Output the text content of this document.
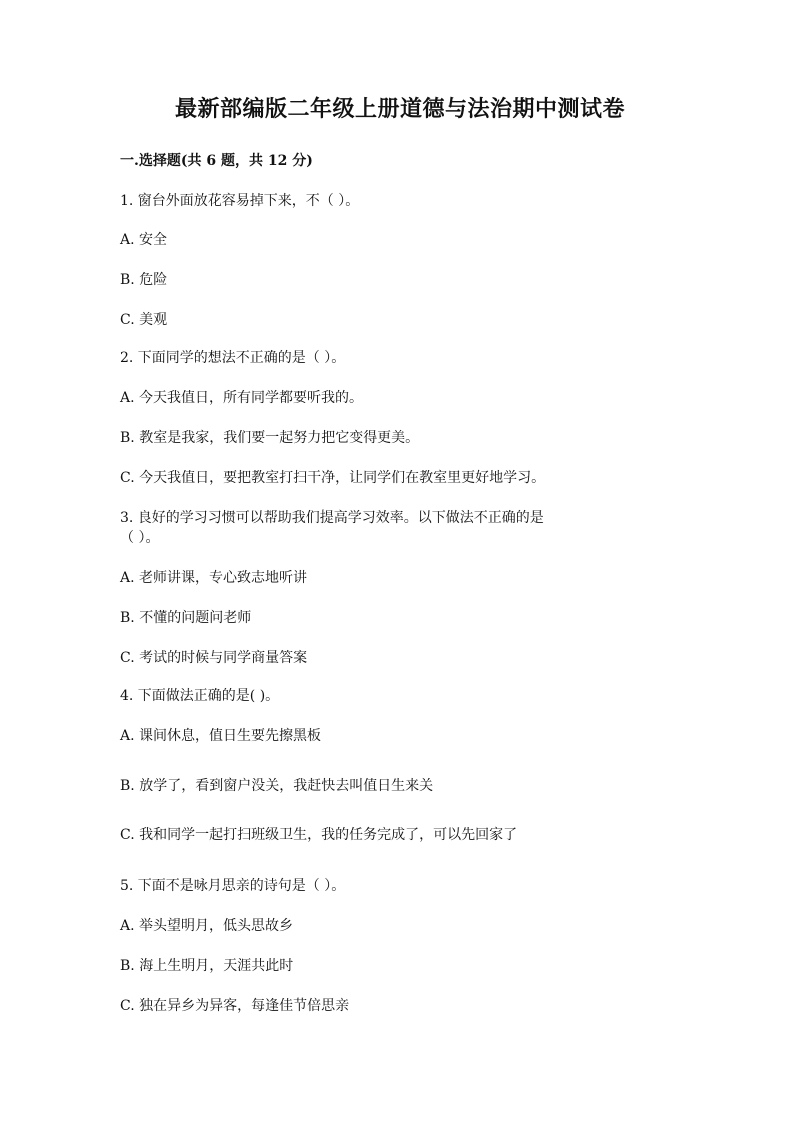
最新部编版二年级上册道德与法治期中测试卷
一.选择题(共 6 题，共 12 分)
1. 窗台外面放花容易掉下来，不（ ）。
A. 安全
B. 危险
C. 美观
2. 下面同学的想法不正确的是（ ）。
A. 今天我值日，所有同学都要听我的。
B. 教室是我家，我们要一起努力把它变得更美。
C. 今天我值日，要把教室打扫干净，让同学们在教室里更好地学习。
3. 良好的学习习惯可以帮助我们提高学习效率。以下做法不正确的是
（ ）。
A. 老师讲课，专心致志地听讲
B. 不懂的问题问老师
C. 考试的时候与同学商量答案
4. 下面做法正确的是( )。
A. 课间休息，值日生要先擦黑板
B. 放学了，看到窗户没关，我赶快去叫值日生来关
C. 我和同学一起打扫班级卫生，我的任务完成了，可以先回家了
5. 下面不是咏月思亲的诗句是（ ）。
A. 举头望明月，低头思故乡
B. 海上生明月，天涯共此时
C. 独在异乡为异客，每逢佳节倍思亲
